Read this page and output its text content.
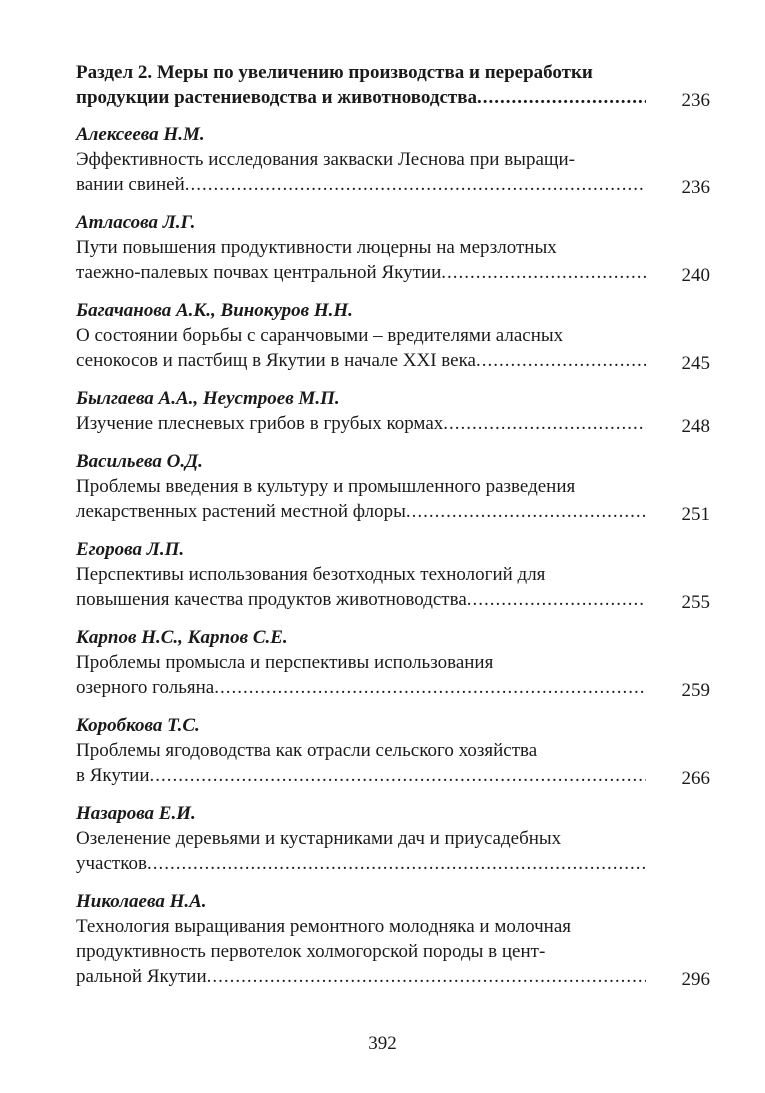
Раздел 2. Меры по увеличению производства и переработки
продукции растениеводства и животноводства .....	236
Алексеева Н.М.
Эффективность исследования закваски Леснова при выращи-
вании свиней .....	236
Атласова Л.Г.
Пути повышения продуктивности люцерны на мерзлотных
таежно-палевых почвах центральной Якутии .....	240
Багачанова А.К., Винокуров Н.Н.
О состоянии борьбы с саранчовыми – вредителями аласных
сенокосов и пастбищ в Якутии в начале XXI века .....	245
Былгаева А.А., Неустроев М.П.
Изучение плесневых грибов в грубых кормах .....	248
Васильева О.Д.
Проблемы введения в культуру и промышленного разведения
лекарственных растений местной флоры .....	251
Егорова Л.П.
Перспективы использования безотходных технологий для
повышения качества продуктов животноводства .....	255
Карпов Н.С., Карпов С.Е.
Проблемы промысла и перспективы использования
озерного гольяна .....	259
Коробкова Т.С.
Проблемы ягодоводства как отрасли сельского хозяйства
в Якутии .....	266
Назарова Е.И.
Озеленение деревьями и кустарниками дач и приусадебных
участков
.....
Николаева Н.А.
Технология выращивания ремонтного молодняка и молочная
продуктивность первотелок холмогорской породы в цент-
ральной Якутии .....	296
392
